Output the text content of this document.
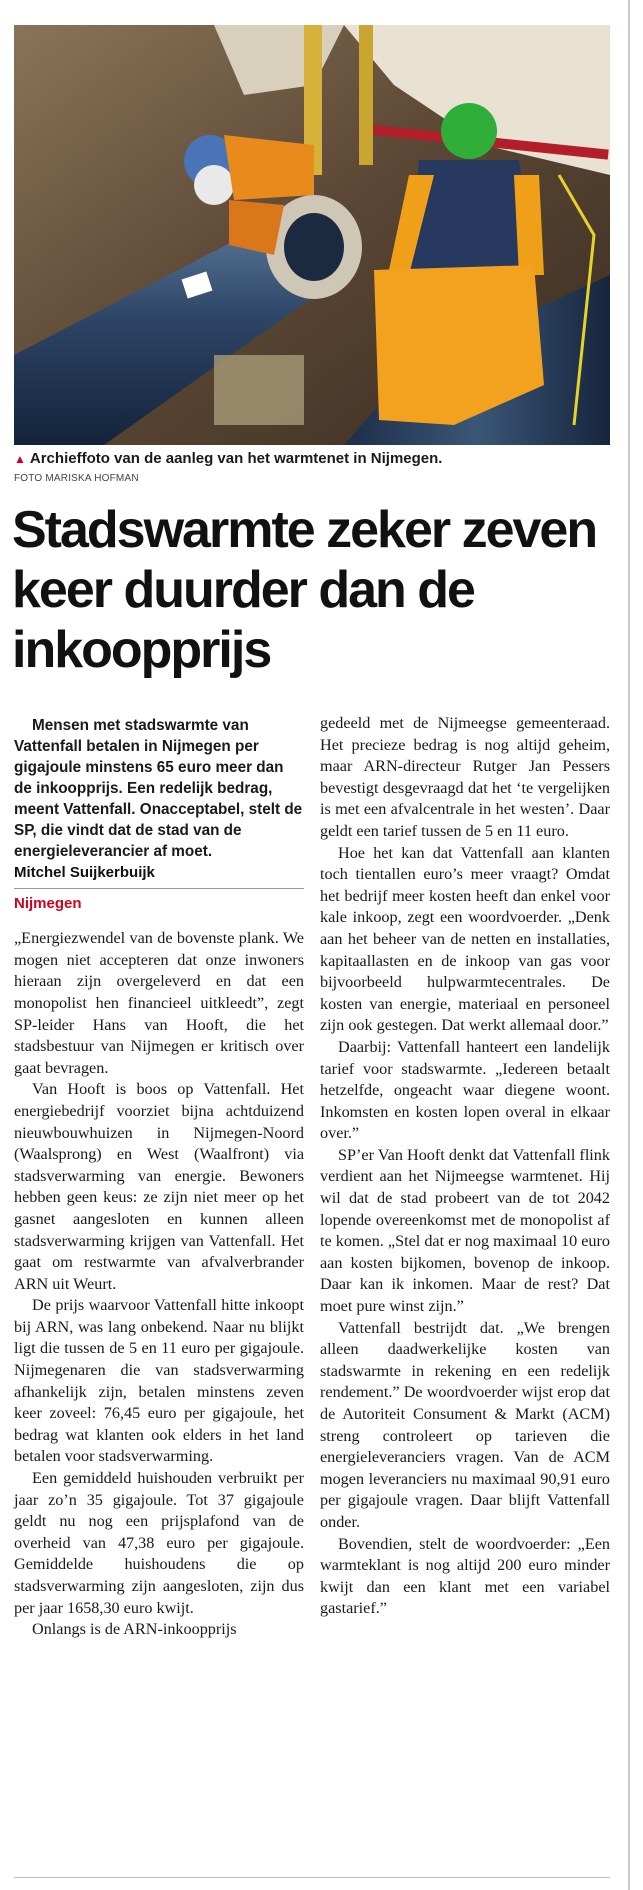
▲ Archieffoto van de aanleg van het warmtenet in Nijmegen.
FOTO MARISKA HOFMAN
Stadswarmte zeker zeven keer duurder dan de inkoopprijs

Mensen met stadswarmte van Vattenfall betalen in Nijmegen per gigajoule minstens 65 euro meer dan de inkoopprijs. Een redelijk bedrag, meent Vattenfall. Onacceptabel, stelt de SP, die vindt dat de stad van de energieleverancier af moet.

Mitchel Suijkerbuijk
Nijmegen

„Energiezwendel van de bovenste plank. We mogen niet accepteren dat onze inwoners hieraan zijn overgeleverd en dat een monopolist hen financieel uitkleedt”, zegt SP-leider Hans van Hooft, die het stadsbestuur van Nijmegen er kritisch over gaat bevragen.

Van Hooft is boos op Vattenfall. Het energiebedrijf voorziet bijna achtduizend nieuwbouwhuizen in Nijmegen-Noord (Waalsprong) en West (Waalfront) via stadsverwarming van energie. Bewoners hebben geen keus: ze zijn niet meer op het gasnet aangesloten en kunnen alleen stadsverwarming krijgen van Vattenfall. Het gaat om restwarmte van afvalverbrander ARN uit Weurt.

De prijs waarvoor Vattenfall hitte inkoopt bij ARN, was lang onbekend. Naar nu blijkt ligt die tussen de 5 en 11 euro per gigajoule. Nijmegenaren die van stadsverwarming afhankelijk zijn, betalen minstens zeven keer zoveel: 76,45 euro per gigajoule, het bedrag wat klanten ook elders in het land betalen voor stadsverwarming.

Een gemiddeld huishouden verbruikt per jaar zo’n 35 gigajoule. Tot 37 gigajoule geldt nu nog een prijsplafond van de overheid van 47,38 euro per gigajoule. Gemiddelde huishoudens die op stadsverwarming zijn aangesloten, zijn dus per jaar 1658,30 euro kwijt.

Onlangs is de ARN-inkoopprijs

gedeeld met de Nijmeegse gemeenteraad. Het precieze bedrag is nog altijd geheim, maar ARN-directeur Rutger Jan Pessers bevestigt desgevraagd dat het ‘te vergelijken is met een afvalcentrale in het westen’. Daar geldt een tarief tussen de 5 en 11 euro.

Hoe het kan dat Vattenfall aan klanten toch tientallen euro’s meer vraagt? Omdat het bedrijf meer kosten heeft dan enkel voor kale inkoop, zegt een woordvoerder. „Denk aan het beheer van de netten en installaties, kapitaallasten en de inkoop van gas voor bijvoorbeeld hulpwarmtecentrales. De kosten van energie, materiaal en personeel zijn ook gestegen. Dat werkt allemaal door.”

Daarbij: Vattenfall hanteert een landelijk tarief voor stadswarmte. „Iedereen betaalt hetzelfde, ongeacht waar diegene woont. Inkomsten en kosten lopen overal in elkaar over.”

SP’er Van Hooft denkt dat Vattenfall flink verdient aan het Nijmeegse warmtenet. Hij wil dat de stad probeert van de tot 2042 lopende overeenkomst met de monopolist af te komen. „Stel dat er nog maximaal 10 euro aan kosten bijkomen, bovenop de inkoop. Daar kan ik inkomen. Maar de rest? Dat moet pure winst zijn.”

Vattenfall bestrijdt dat. „We brengen alleen daadwerkelijke kosten van stadswarmte in rekening en een redelijk rendement.” De woordvoerder wijst erop dat de Autoriteit Consument & Markt (ACM) streng controleert op tarieven die energieleveranciers vragen. Van de ACM mogen leveranciers nu maximaal 90,91 euro per gigajoule vragen. Daar blijft Vattenfall onder.

Bovendien, stelt de woordvoerder: „Een warmteklant is nog altijd 200 euro minder kwijt dan een klant met een variabel gastarief.”
